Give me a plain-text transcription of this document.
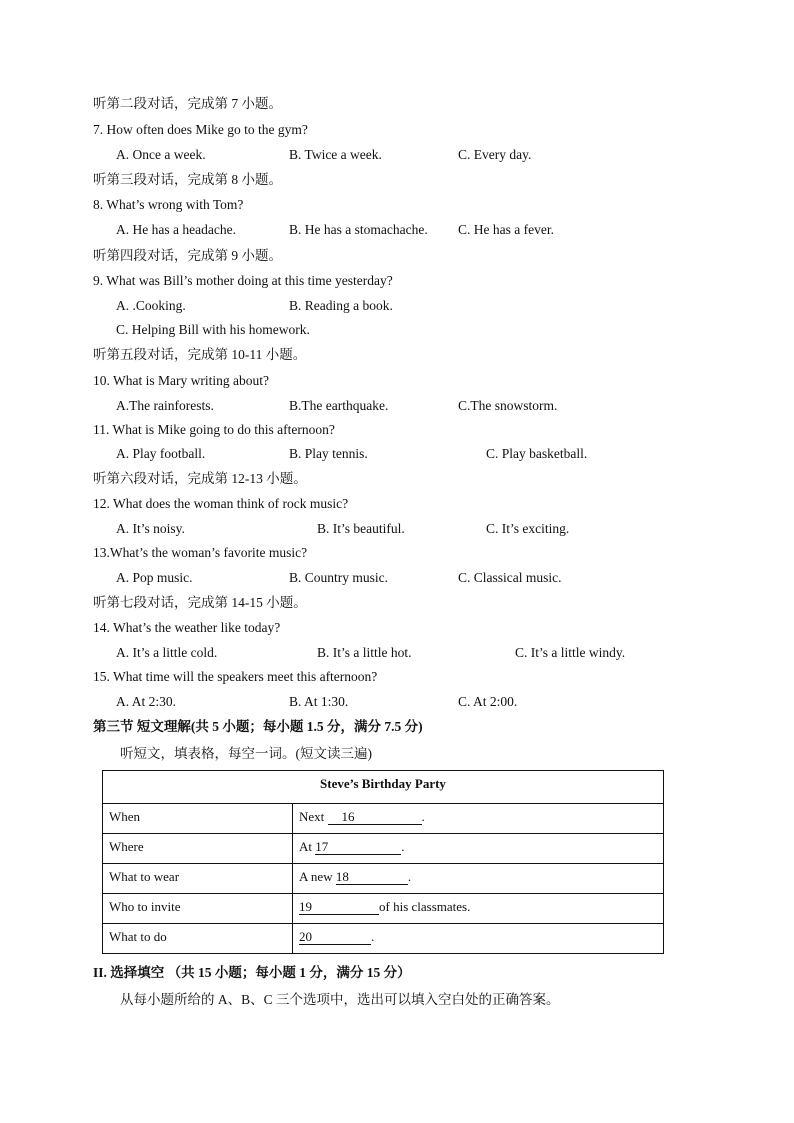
听第二段对话，完成第 7 小题。
7. How often does Mike go to the gym?
A. Once a week.	B. Twice a week.	C. Every day.
听第三段对话，完成第 8 小题。
8. What’s wrong with Tom?
A. He has a headache.	B. He has a stomachache. C. He has a fever.
听第四段对话，完成第 9 小题。
9. What was Bill’s mother doing at this time yesterday?
A. .Cooking.	B. Reading a book.
C. Helping Bill with his homework.
听第五段对话，完成第 10-11 小题。
10. What is Mary writing about?
A.The rainforests.	B.The earthquake.	C.The snowstorm.
11. What is Mike going to do this afternoon?
A. Play football.	B. Play tennis.	C. Play basketball.
听第六段对话，完成第 12-13 小题。
12. What does the woman think of rock music?
A. It’s noisy.	B. It’s beautiful.	C. It’s exciting.
13.What’s the woman’s favorite music?
A. Pop music.	B. Country music.	C. Classical music.
听第七段对话，完成第 14-15 小题。
14. What’s the weather like today?
A. It’s a little cold.	B. It’s a little hot.	C. It’s a little windy.
15. What time will the speakers meet this afternoon?
A. At 2:30.	B. At 1:30.	C. At 2:00.
第三节 短文理解(共 5 小题；每小题 1.5 分，满分 7.5 分)
听短文，填表格，每空一词。(短文读三遍)
Steve’s Birthday Party	
When	Next 16 .
Where	At 17 .
What to wear	A new 18 .
Who to invite	19 of his classmates.
What to do	20 .
II. 选择填空 （共 15 小题；每小题 1 分，满分 15 分）
从每小题所给的 A、B、C 三个选项中，选出可以填入空白处的正确答案。
